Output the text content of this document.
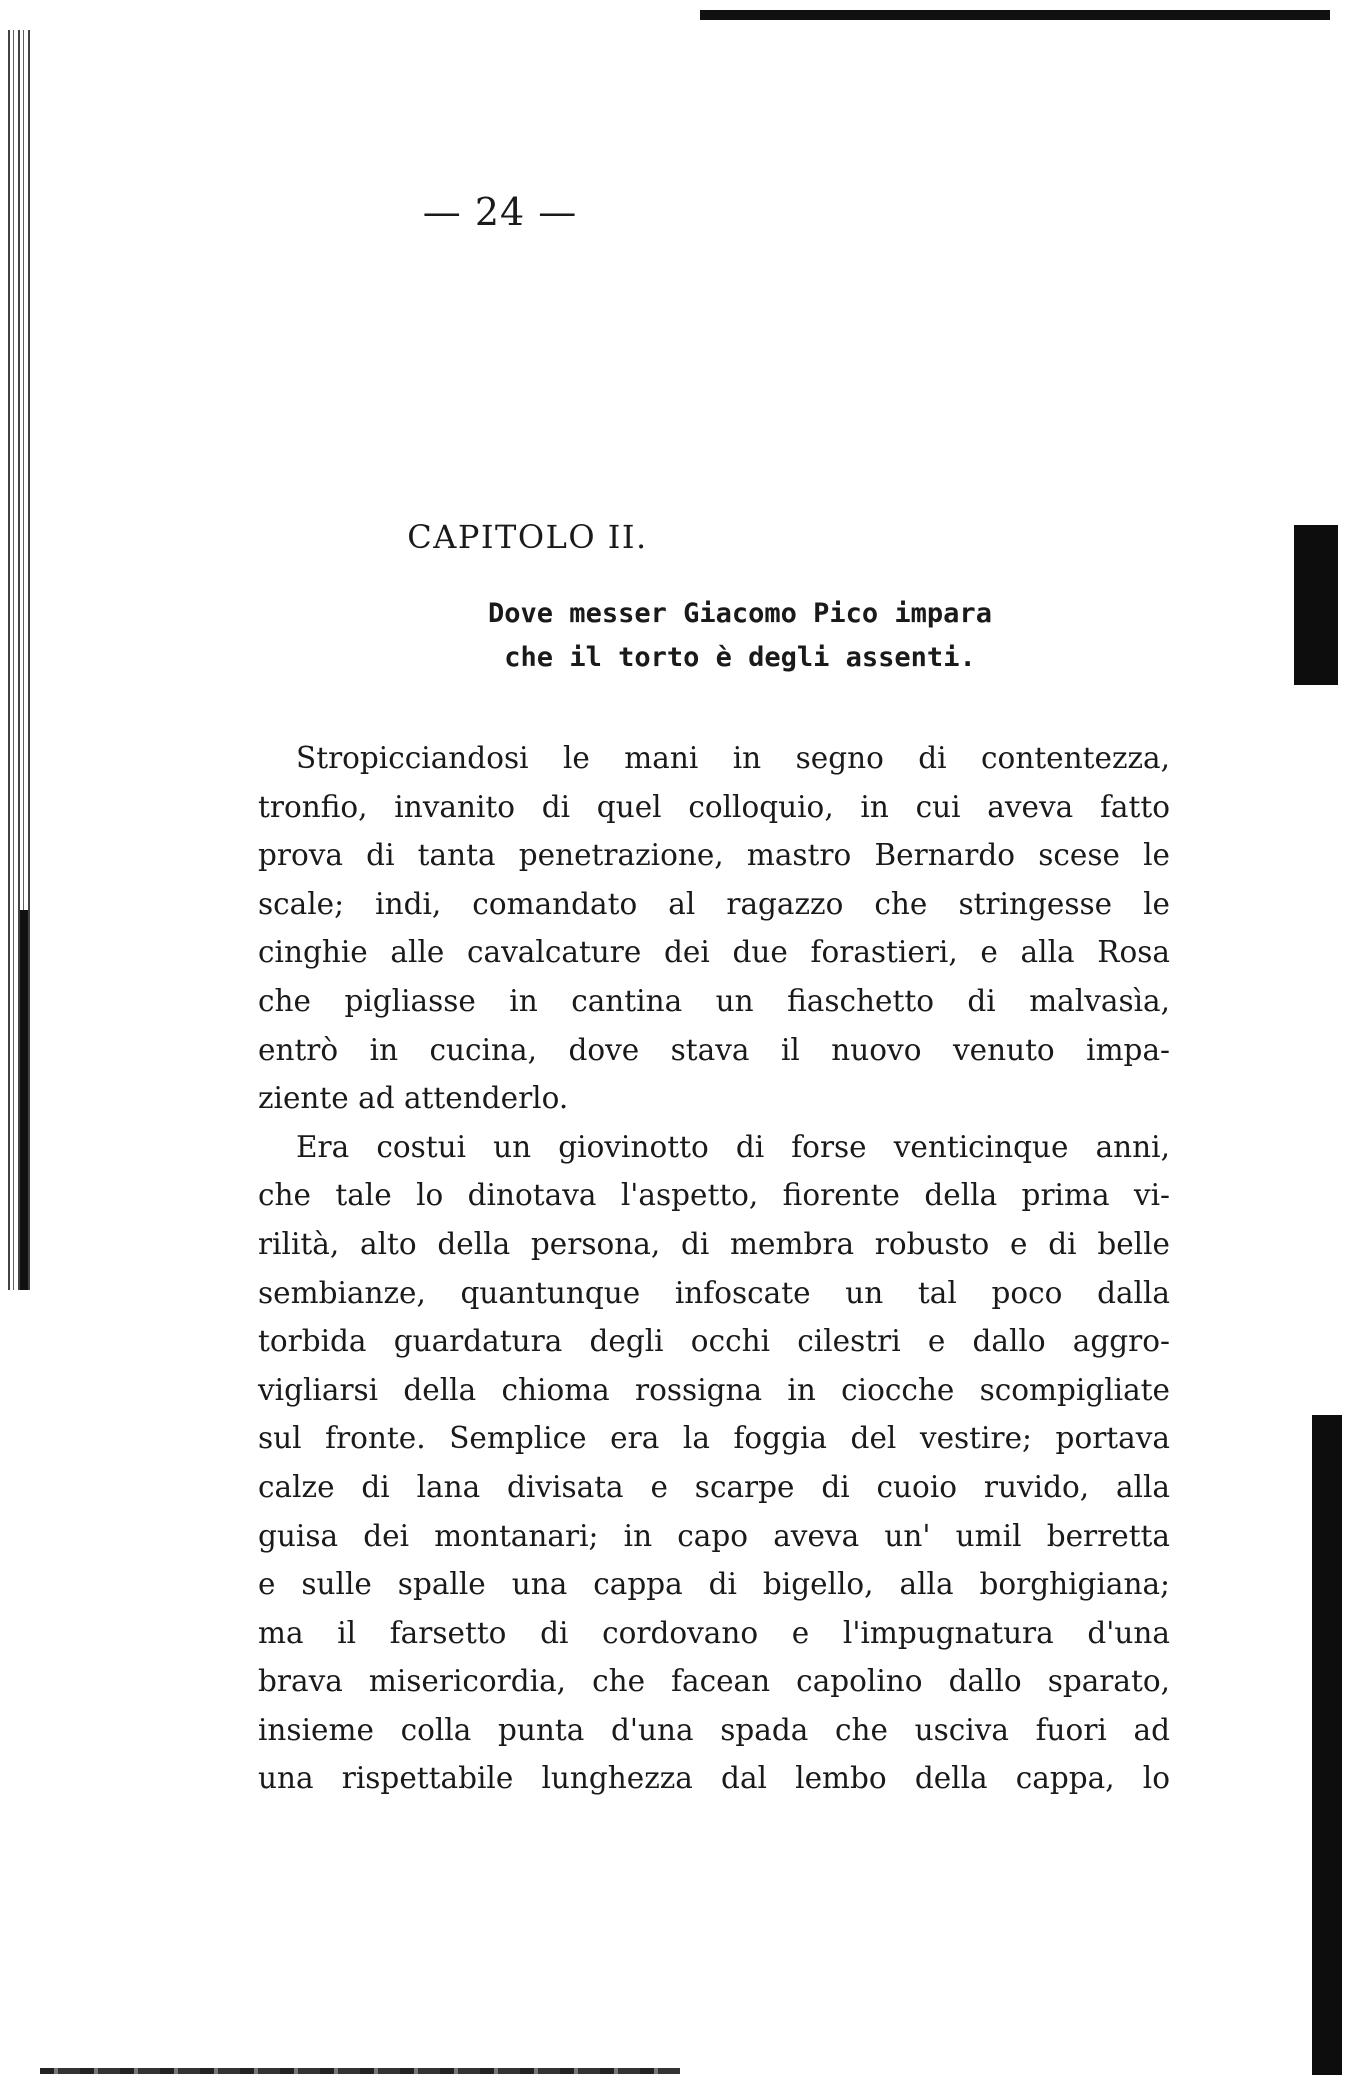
— 24 —
CAPITOLO II.
Dove messer Giacomo Pico impara
che il torto è degli assenti.
Stropicciandosi le mani in segno di contentezza,
tronfio, invanito di quel colloquio, in cui aveva fatto
prova di tanta penetrazione, mastro Bernardo scese le
scale; indi, comandato al ragazzo che stringesse le
cinghie alle cavalcature dei due forastieri, e alla Rosa
che pigliasse in cantina un fiaschetto di malvasìa,
entrò in cucina, dove stava il nuovo venuto impa-
ziente ad attenderlo.
Era costui un giovinotto di forse venticinque anni,
che tale lo dinotava l'aspetto, fiorente della prima vi-
rilità, alto della persona, di membra robusto e di belle
sembianze, quantunque infoscate un tal poco dalla
torbida guardatura degli occhi cilestri e dallo aggro-
vigliarsi della chioma rossigna in ciocche scompigliate
sul fronte. Semplice era la foggia del vestire; portava
calze di lana divisata e scarpe di cuoio ruvido, alla
guisa dei montanari; in capo aveva un' umil berretta
e sulle spalle una cappa di bigello, alla borghigiana;
ma il farsetto di cordovano e l'impugnatura d'una
brava misericordia, che facean capolino dallo sparato,
insieme colla punta d'una spada che usciva fuori ad
una rispettabile lunghezza dal lembo della cappa, lo
